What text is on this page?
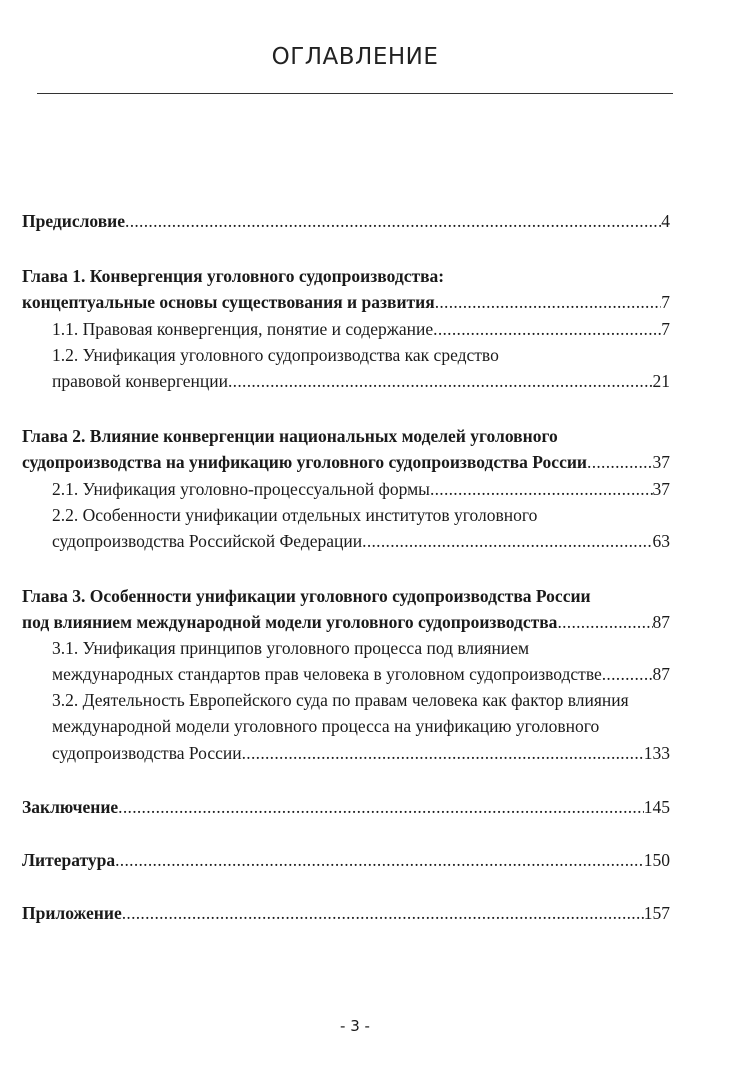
ОГЛАВЛЕНИЕ
Предисловие .....	4
Глава 1. Конвергенция уголовного судопроизводства:
концептуальные основы существования и развития .....	7
1.1. Правовая конвергенция, понятие и содержание .....	7
1.2. Унификация уголовного судопроизводства как средство
правовой конвергенции .....	21
Глава 2. Влияние конвергенции национальных моделей уголовного
судопроизводства на унификацию уголовного судопроизводства России .....	37
2.1. Унификация уголовно-процессуальной формы .....	37
2.2. Особенности унификации отдельных институтов уголовного
судопроизводства Российской Федерации .....	63
Глава 3. Особенности унификации уголовного судопроизводства России
под влиянием международной модели уголовного судопроизводства .....	87
3.1. Унификация принципов уголовного процесса под влиянием
международных стандартов прав человека в уголовном судопроизводстве .....	87
3.2. Деятельность Европейского суда по правам человека как фактор влияния
международной модели уголовного процесса на унификацию уголовного
судопроизводства России .....	133
Заключение .....	145
Литература .....	150
Приложение .....	157
- 3 -
